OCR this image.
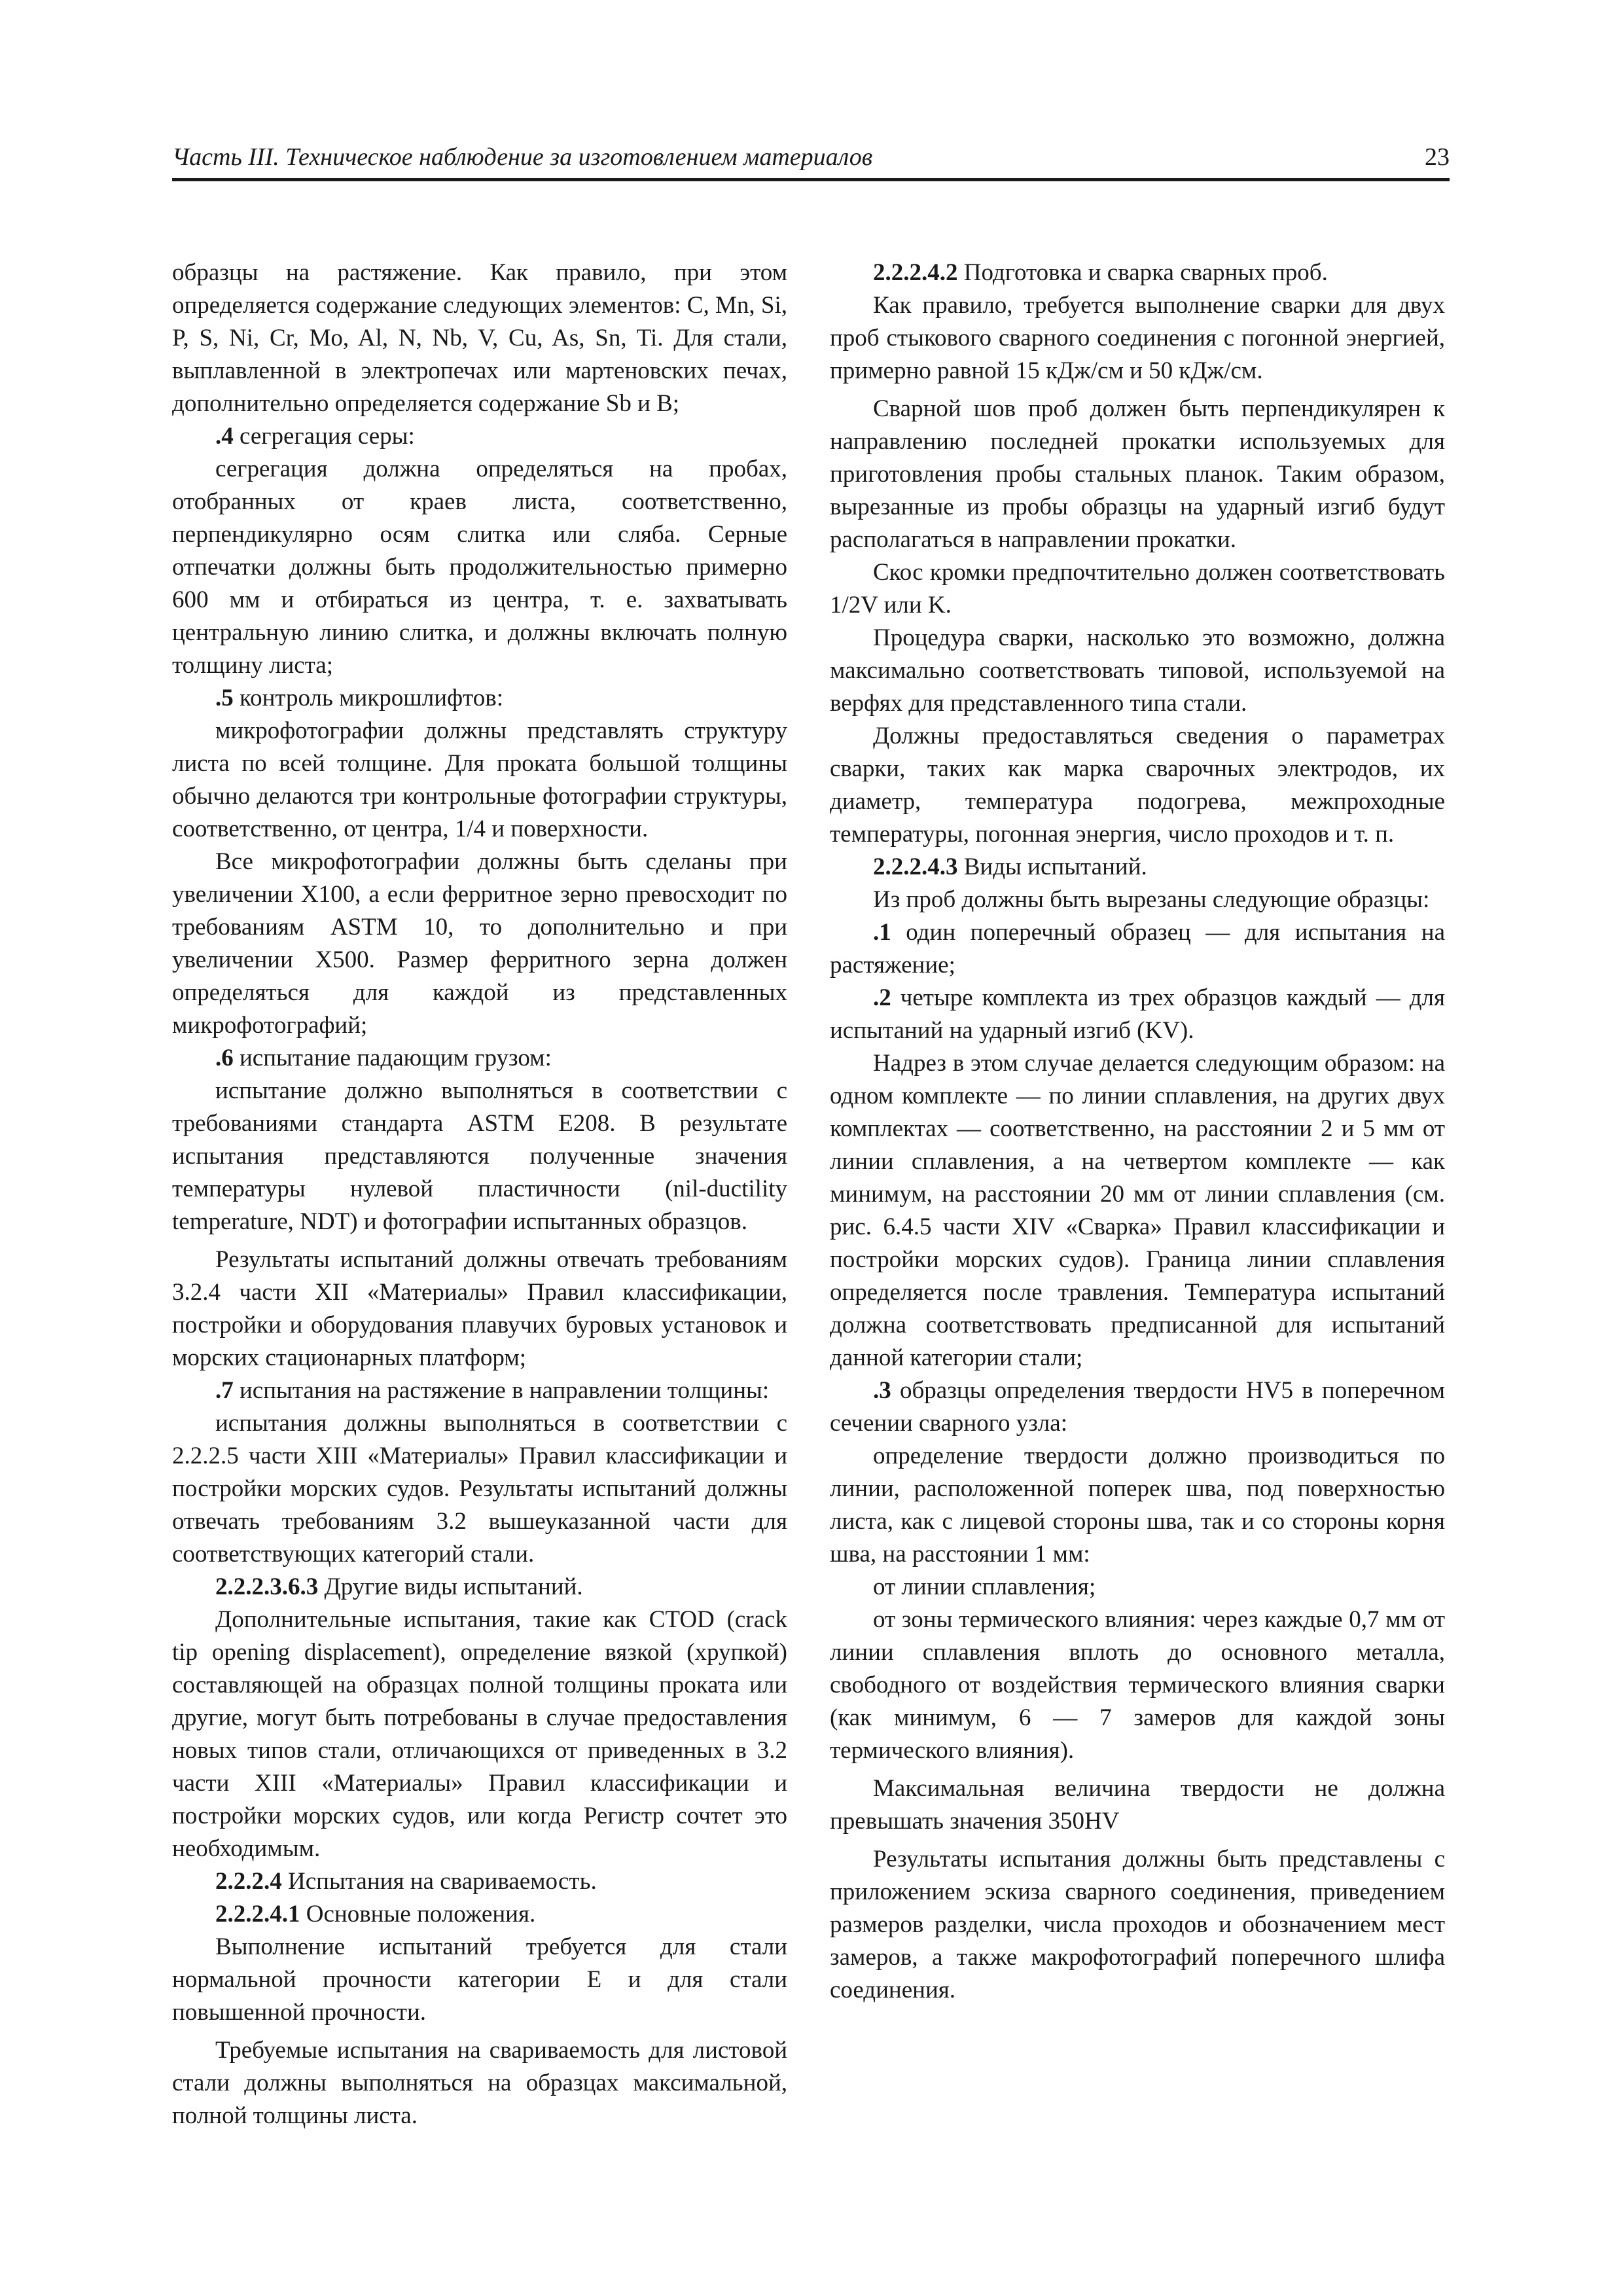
Часть III. Техническое наблюдение за изготовлением материалов	23

образцы на растяжение. Как правило, при этом определяется содержание следующих элементов: C, Mn, Si, P, S, Ni, Cr, Mo, Al, N, Nb, V, Cu, As, Sn, Ti. Для стали, выплавленной в электропечах или мартеновских печах, дополнительно определяется содержание Sb и B;

.4 сегрегация серы:

сегрегация должна определяться на пробах, отобранных от краев листа, соответственно, перпендикулярно осям слитка или сляба. Серные отпечатки должны быть продолжительностью примерно 600 мм и отбираться из центра, т. е. захватывать центральную линию слитка, и должны включать полную толщину листа;

.5 контроль микрошлифтов:

микрофотографии должны представлять структуру листа по всей толщине. Для проката большой толщины обычно делаются три контрольные фотографии структуры, соответственно, от центра, 1/4 и поверхности.

Все микрофотографии должны быть сделаны при увеличении X100, а если ферритное зерно превосходит по требованиям ASTM 10, то дополнительно и при увеличении X500. Размер ферритного зерна должен определяться для каждой из представленных микрофотографий;

.6 испытание падающим грузом:

испытание должно выполняться в соответствии с требованиями стандарта ASTM E208. В результате испытания представляются полученные значения температуры нулевой пластичности (nil-ductility temperature, NDT) и фотографии испытанных образцов.

Результаты испытаний должны отвечать требованиям 3.2.4 части XII «Материалы» Правил классификации, постройки и оборудования плавучих буровых установок и морских стационарных платформ;

.7 испытания на растяжение в направлении толщины:

испытания должны выполняться в соответствии с 2.2.2.5 части XIII «Материалы» Правил классификации и постройки морских судов. Результаты испытаний должны отвечать требованиям 3.2 вышеуказанной части для соответствующих категорий стали.

2.2.2.3.6.3 Другие виды испытаний.

Дополнительные испытания, такие как CTOD (crack tip opening displacement), определение вязкой (хрупкой) составляющей на образцах полной толщины проката или другие, могут быть потребованы в случае предоставления новых типов стали, отличающихся от приведенных в 3.2 части XIII «Материалы» Правил классификации и постройки морских судов, или когда Регистр сочтет это необходимым.

2.2.2.4 Испытания на свариваемость.

2.2.2.4.1 Основные положения.

Выполнение испытаний требуется для стали нормальной прочности категории E и для стали повышенной прочности.

Требуемые испытания на свариваемость для листовой стали должны выполняться на образцах максимальной, полной толщины листа.

2.2.2.4.2 Подготовка и сварка сварных проб.

Как правило, требуется выполнение сварки для двух проб стыкового сварного соединения с погонной энергией, примерно равной 15 кДж/см и 50 кДж/см.

Сварной шов проб должен быть перпендикулярен к направлению последней прокатки используемых для приготовления пробы стальных планок. Таким образом, вырезанные из пробы образцы на ударный изгиб будут располагаться в направлении прокатки.

Скос кромки предпочтительно должен соответствовать 1/2V или K.

Процедура сварки, насколько это возможно, должна максимально соответствовать типовой, используемой на верфях для представленного типа стали.

Должны предоставляться сведения о параметрах сварки, таких как марка сварочных электродов, их диаметр, температура подогрева, межпроходные температуры, погонная энергия, число проходов и т. п.

2.2.2.4.3 Виды испытаний.

Из проб должны быть вырезаны следующие образцы:

.1 один поперечный образец — для испытания на растяжение;

.2 четыре комплекта из трех образцов каждый — для испытаний на ударный изгиб (KV).

Надрез в этом случае делается следующим образом: на одном комплекте — по линии сплавления, на других двух комплектах — соответственно, на расстоянии 2 и 5 мм от линии сплавления, а на четвертом комплекте — как минимум, на расстоянии 20 мм от линии сплавления (см. рис. 6.4.5 части XIV «Сварка» Правил классификации и постройки морских судов). Граница линии сплавления определяется после травления. Температура испытаний должна соответствовать предписанной для испытаний данной категории стали;

.3 образцы определения твердости HV5 в поперечном сечении сварного узла:

определение твердости должно производиться по линии, расположенной поперек шва, под поверхностью листа, как с лицевой стороны шва, так и со стороны корня шва, на расстоянии 1 мм:

от линии сплавления;

от зоны термического влияния: через каждые 0,7 мм от линии сплавления вплоть до основного металла, свободного от воздействия термического влияния сварки (как минимум, 6 — 7 замеров для каждой зоны термического влияния).

Максимальная величина твердости не должна превышать значения 350HV

Результаты испытания должны быть представлены с приложением эскиза сварного соединения, приведением размеров разделки, числа проходов и обозначением мест замеров, а также макрофотографий поперечного шлифа соединения.
